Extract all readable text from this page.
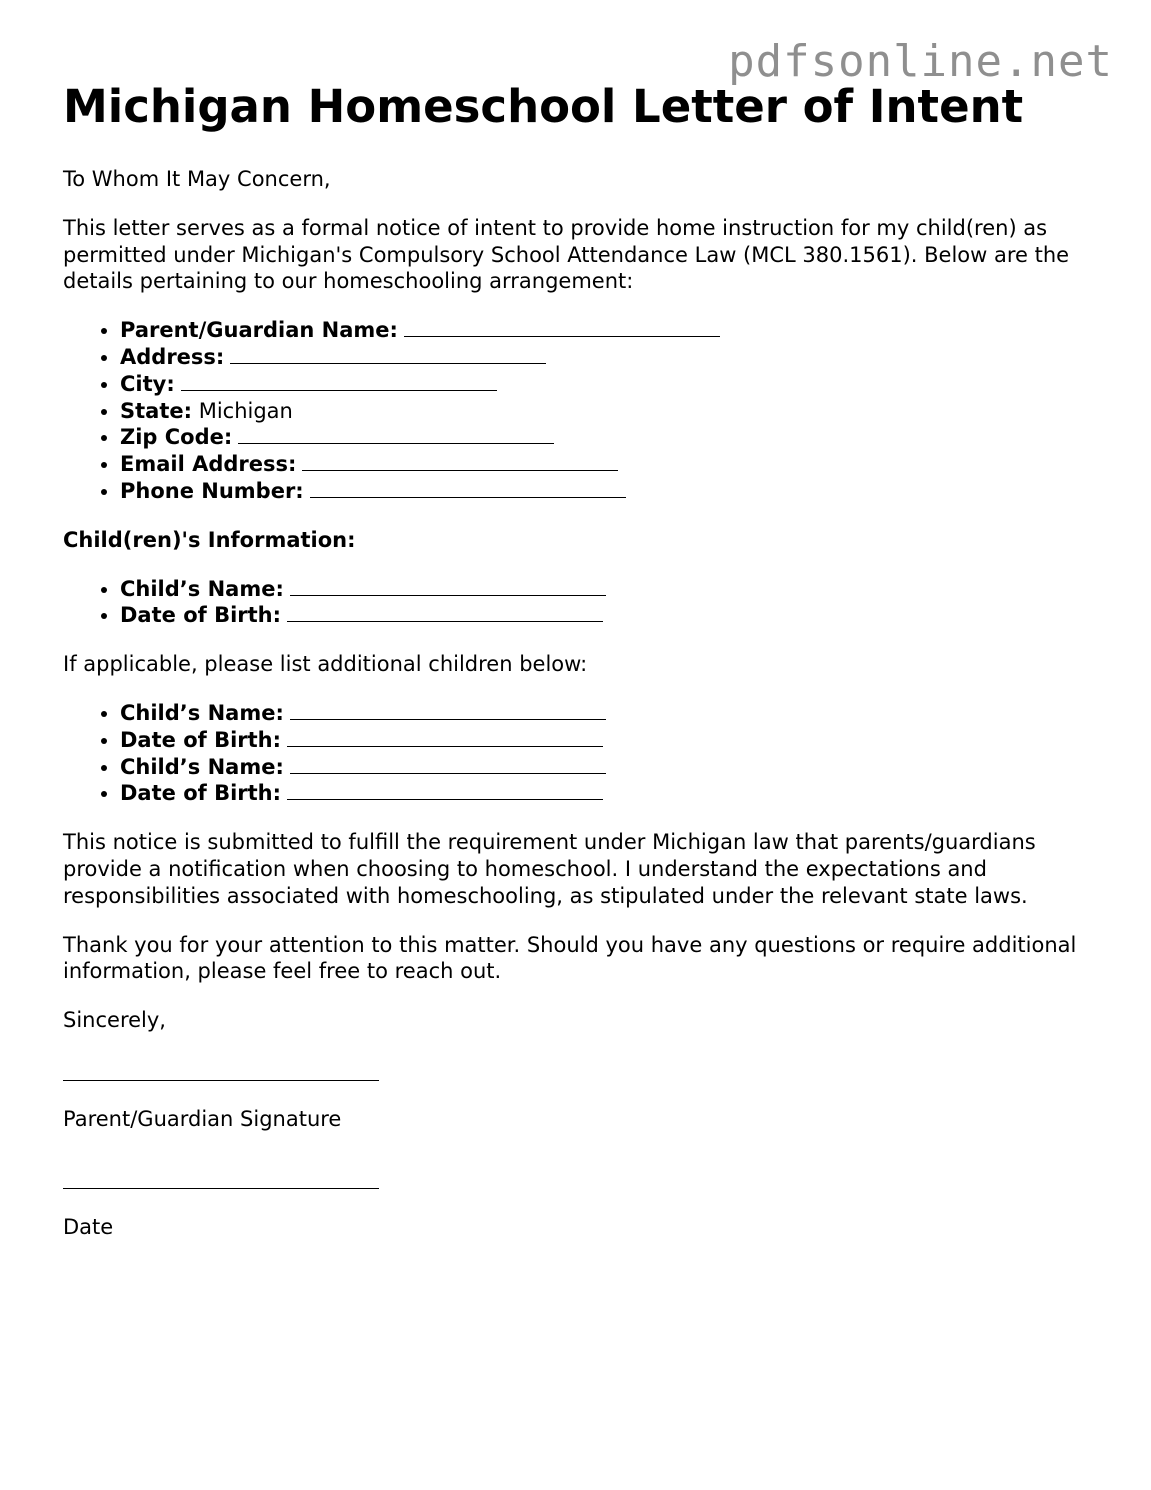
pdfsonline.net
Michigan Homeschool Letter of Intent

To Whom It May Concern,

This letter serves as a formal notice of intent to provide home instruction for my child(ren) as permitted under Michigan's Compulsory School Attendance Law (MCL 380.1561). Below are the details pertaining to our homeschooling arrangement:

• Parent/Guardian Name:
• Address:
• City:
• State: Michigan
• Zip Code:
• Email Address:
• Phone Number:

Child(ren)'s Information:

• Child’s Name:
• Date of Birth:

If applicable, please list additional children below:

• Child’s Name:
• Date of Birth:
• Child’s Name:
• Date of Birth:

This notice is submitted to fulfill the requirement under Michigan law that parents/guardians provide a notification when choosing to homeschool. I understand the expectations and responsibilities associated with homeschooling, as stipulated under the relevant state laws.

Thank you for your attention to this matter. Should you have any questions or require additional information, please feel free to reach out.

Sincerely,

Parent/Guardian Signature

Date
